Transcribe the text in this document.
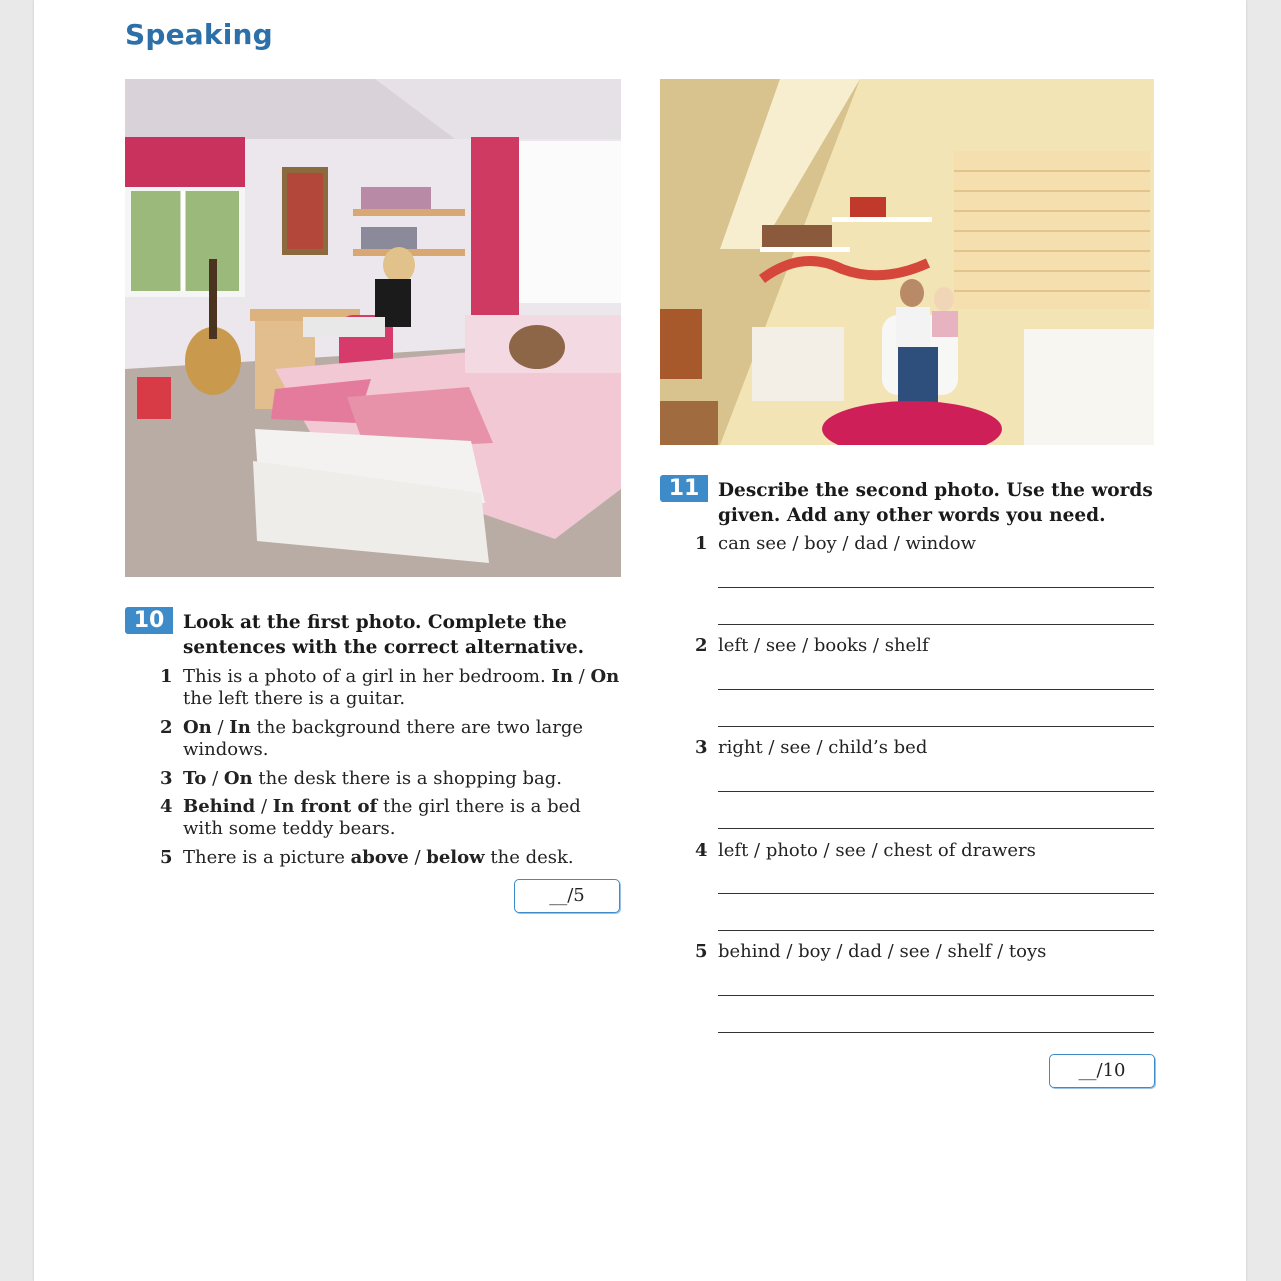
Speaking
10	Look at the first photo. Complete the sentences with the correct alternative.
1 This is a photo of a girl in her bedroom. In / On the left there is a guitar.
2 On / In the background there are two large windows.
3 To / On the desk there is a shopping bag.
4 Behind / In front of the girl there is a bed with some teddy bears.
5 There is a picture above / below the desk.
__/5
11	Describe the second photo. Use the words given. Add any other words you need.
1 can see / boy / dad / window
2 left / see / books / shelf
3 right / see / child’s bed
4 left / photo / see / chest of drawers
5 behind / boy / dad / see / shelf / toys
__/10
